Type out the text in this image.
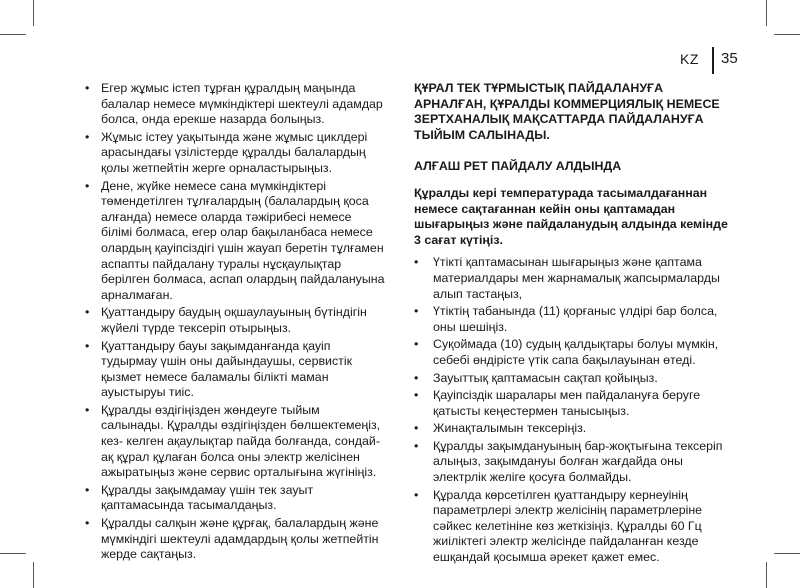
KZ 35
• Егер жұмыс істеп тұрған құралдың маңында балалар немесе мүмкіндіктері шектеулі адамдар болса, онда ерекше назарда болыңыз.
• Жұмыс істеу уақытында және жұмыс циклдері арасындағы үзілістерде құралды балалардың қолы жетпейтін жерге орналастырыңыз.
• Дене, жүйке немесе сана мүмкіндіктері төмендетілген тұлғалардың (балалардың қоса алғанда) немесе оларда тәжірибесі немесе білімі болмаса, егер олар бақыланбаса немесе олардың қауіпсіздігі үшін жауап беретін тұлғамен аспапты пайдалану туралы нұсқаулықтар берілген болмаса, аспап олардың пайдалануына арналмаған.
• Қуаттандыру баудың оқшаулауының бүтіндігін жүйелі түрде тексеріп отырыңыз.
• Қуаттандыру бауы зақымданғанда қауіп тудырмау үшін оны дайындаушы, сервистік қызмет немесе баламалы білікті маман ауыстыруы тиіс.
• Құралды өздігіңізден жөндеуге тыйым салынады. Құралды өздігіңізден бөлшектемеңіз, кез- келген ақаулықтар пайда болғанда, сондай-ақ құрал құлаған болса оны электр желісінен ажыратыңыз және сервис орталығына жүгініңіз.
• Құралды зақымдамау үшін тек зауыт қаптамасында тасымалдаңыз.
• Құралды салқын және құрғақ, балалардың және мүмкіндігі шектеулі адамдардың қолы жетпейтін жерде сақтаңыз.

ҚҰРАЛ ТЕК ТҰРМЫСТЫҚ ПАЙДАЛАНУҒА АРНАЛҒАН, ҚҰРАЛДЫ КОММЕРЦИЯЛЫҚ НЕМЕСЕ ЗЕРТХАНАЛЫҚ МАҚСАТТАРДА ПАЙДАЛАНУҒА ТЫЙЫМ САЛЫНАДЫ.

АЛҒАШ РЕТ ПАЙДАЛУ АЛДЫНДА

Құралды кері температурада тасымалдағаннан немесе сақтағаннан кейін оны қаптамадан шығарыңыз және пайдаланудың алдында кемінде 3 сағат күтіңіз.

• Үтікті қаптамасынан шығарыңыз және қаптама материалдары мен жарнамалық жапсырмаларды алып тастаңыз,
• Үтіктің табанында (11) қорғаныс үлдірі бар болса, оны шешіңіз.
• Суқоймада (10) судың қалдықтары болуы мүмкін, себебі өндірісте үтік сапа бақылауынан өтеді.
• Зауыттық қаптамасын сақтап қойыңыз.
• Қауіпсіздік шаралары мен пайдалануға беруге қатысты кеңестермен танысыңыз.
• Жинақталымын тексеріңіз.
• Құралды зақымдануының бар-жоқтығына тексеріп алыңыз, зақымдануы болған жағдайда оны электрлік желіге қосуға болмайды.
• Құралда көрсетілген қуаттандыру кернеуінің параметрлері электр желісінің параметрлеріне сәйкес келетініне көз жеткізіңіз. Құралды 60 Гц жиіліктегі электр желісінде пайдаланған кезде ешқандай қосымша әрекет қажет емес.
